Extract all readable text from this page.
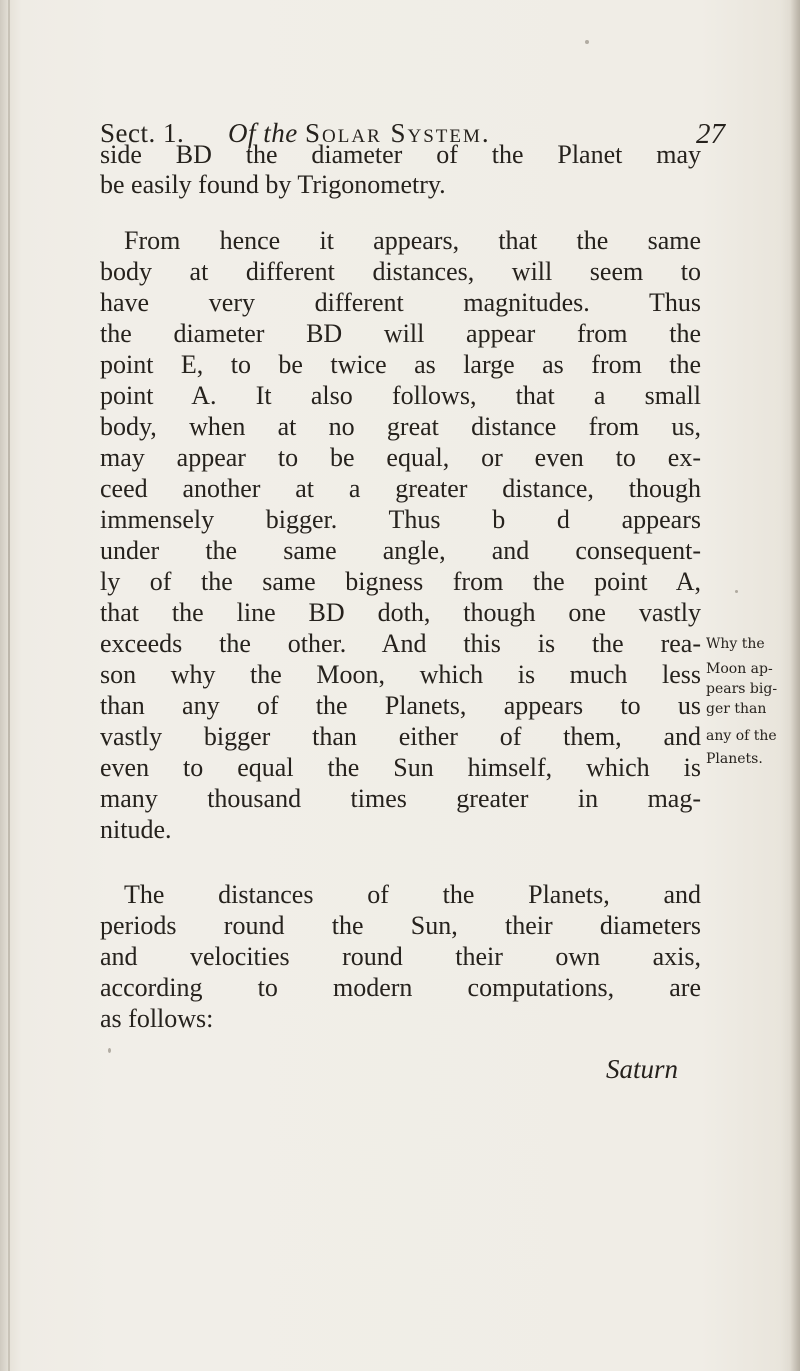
Sect. 1. Of the Solar System.	27
side BD the diameter of the Planet may
be easily found by Trigonometry.
From hence it appears, that the same
body at different distances, will seem to
have very different magnitudes. Thus
the diameter BD will appear from the
point E, to be twice as large as from the
point A. It also follows, that a small
body, when at no great distance from us,
may appear to be equal, or even to ex-
ceed another at a greater distance, though
immensely bigger. Thus b d appears
under the same angle, and consequent-
ly of the same bigness from the point A,
that the line BD doth, though one vastly
exceeds the other. And this is the rea-
son why the Moon, which is much less
than any of the Planets, appears to us
vastly bigger than either of them, and
even to equal the Sun himself, which is
many thousand times greater in mag-
nitude.
The distances of the Planets, and
periods round the Sun, their diameters
and velocities round their own axis,
according to modern computations, are
as follows:
Why the
Moon ap-
pears big-
ger than
any of the
Planets.
Saturn
